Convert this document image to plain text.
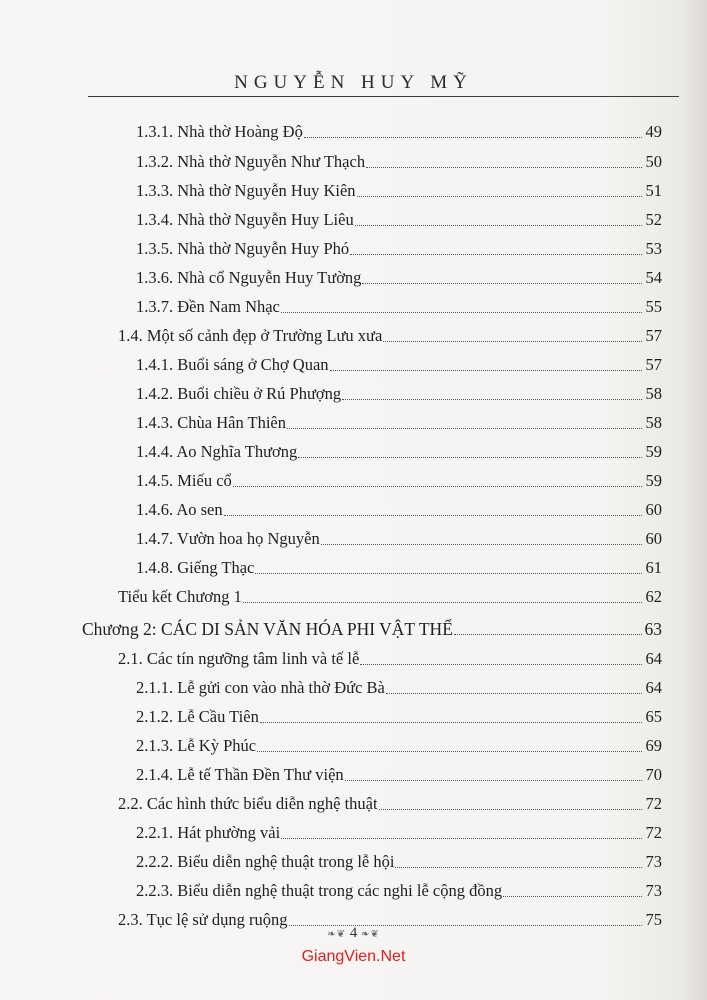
NGUYỄN HUY MỸ
1.3.1. Nhà thờ Hoàng Độ	49
1.3.2. Nhà thờ Nguyễn Như Thạch	50
1.3.3. Nhà thờ Nguyễn Huy Kiên	51
1.3.4. Nhà thờ Nguyễn Huy Liêu	52
1.3.5. Nhà thờ Nguyễn Huy Phó	53
1.3.6. Nhà cổ Nguyễn Huy Tường	54
1.3.7. Đền Nam Nhạc	55
1.4. Một số cảnh đẹp ở Trường Lưu xưa	57
1.4.1. Buổi sáng ở Chợ Quan	57
1.4.2. Buổi chiều ở Rú Phượng	58
1.4.3. Chùa Hân Thiên	58
1.4.4. Ao Nghĩa Thương	59
1.4.5. Miếu cổ	59
1.4.6. Ao sen	60
1.4.7. Vườn hoa họ Nguyễn	60
1.4.8. Giếng Thạc	61
Tiểu kết Chương 1	62
Chương 2: CÁC DI SẢN VĂN HÓA PHI VẬT THỂ	63
2.1. Các tín ngưỡng tâm linh và tế lễ	64
2.1.1. Lễ gửi con vào nhà thờ Đức Bà	64
2.1.2. Lễ Cầu Tiên	65
2.1.3. Lễ Kỳ Phúc	69
2.1.4. Lễ tế Thần Đền Thư viện	70
2.2. Các hình thức biểu diễn nghệ thuật	72
2.2.1. Hát phường vải	72
2.2.2. Biểu diễn nghệ thuật trong lễ hội	73
2.2.3. Biểu diễn nghệ thuật trong các nghi lễ cộng đồng	73
2.3. Tục lệ sử dụng ruộng	75
❧❦ 4 ❧❦
GiangVien.Net
